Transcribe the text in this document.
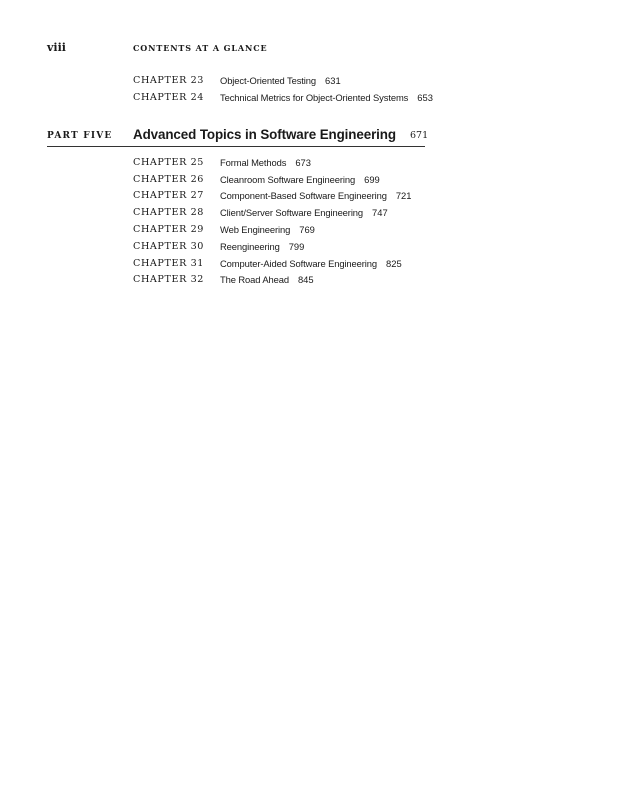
viii	CONTENTS AT A GLANCE
CHAPTER 23	Object-Oriented Testing 631
CHAPTER 24	Technical Metrics for Object-Oriented Systems 653
PART FIVE Advanced Topics in Software Engineering 671
CHAPTER 25	Formal Methods 673
CHAPTER 26	Cleanroom Software Engineering 699
CHAPTER 27	Component-Based Software Engineering 721
CHAPTER 28	Client/Server Software Engineering 747
CHAPTER 29	Web Engineering 769
CHAPTER 30	Reengineering 799
CHAPTER 31	Computer-Aided Software Engineering 825
CHAPTER 32	The Road Ahead 845
